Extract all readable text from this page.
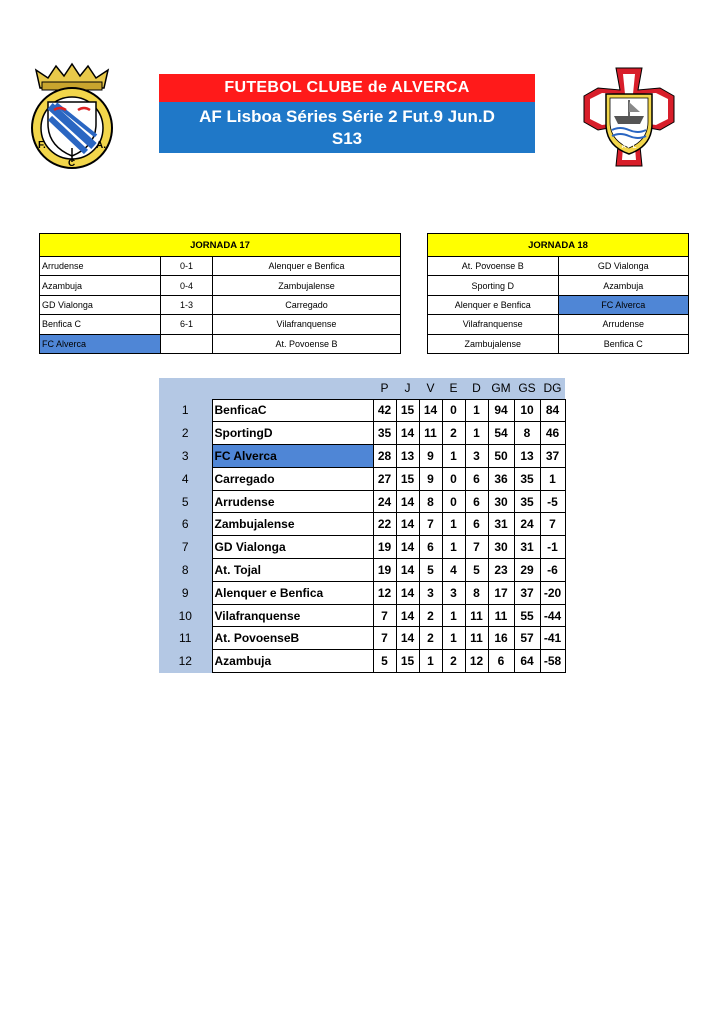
F.	A.
C
FUTEBOL CLUBE de ALVERCA
AF Lisboa Séries Série 2 Fut.9 Jun.D
S13	A F L
JORNADA 17		
Arrudense	0-1	Alenquer e Benfica
Azambuja	0-4	Zambujalense
GD Vialonga	1-3	Carregado
Benfica C	6-1	Vilafranquense
FC Alverca		At. Povoense B
JORNADA 18	
At. Povoense B	GD Vialonga
Sporting D	Azambuja
Alenquer e Benfica	FC Alverca
Vilafranquense	Arrudense
Zambujalense	Benfica C
		P	J	V	E	D	GM	GS	DG
1	BenficaC	42	15	14	0	1	94	10	84
2	SportingD	35	14	11	2	1	54	8	46
3	FC Alverca	28	13	9	1	3	50	13	37
4	Carregado	27	15	9	0	6	36	35	1
5	Arrudense	24	14	8	0	6	30	35	-5
6	Zambujalense	22	14	7	1	6	31	24	7
7	GD Vialonga	19	14	6	1	7	30	31	-1
8	At. Tojal	19	14	5	4	5	23	29	-6
9	Alenquer e Benfica	12	14	3	3	8	17	37	-20
10	Vilafranquense	7	14	2	1	11	11	55	-44
11	At. PovoenseB	7	14	2	1	11	16	57	-41
12	Azambuja	5	15	1	2	12	6	64	-58
